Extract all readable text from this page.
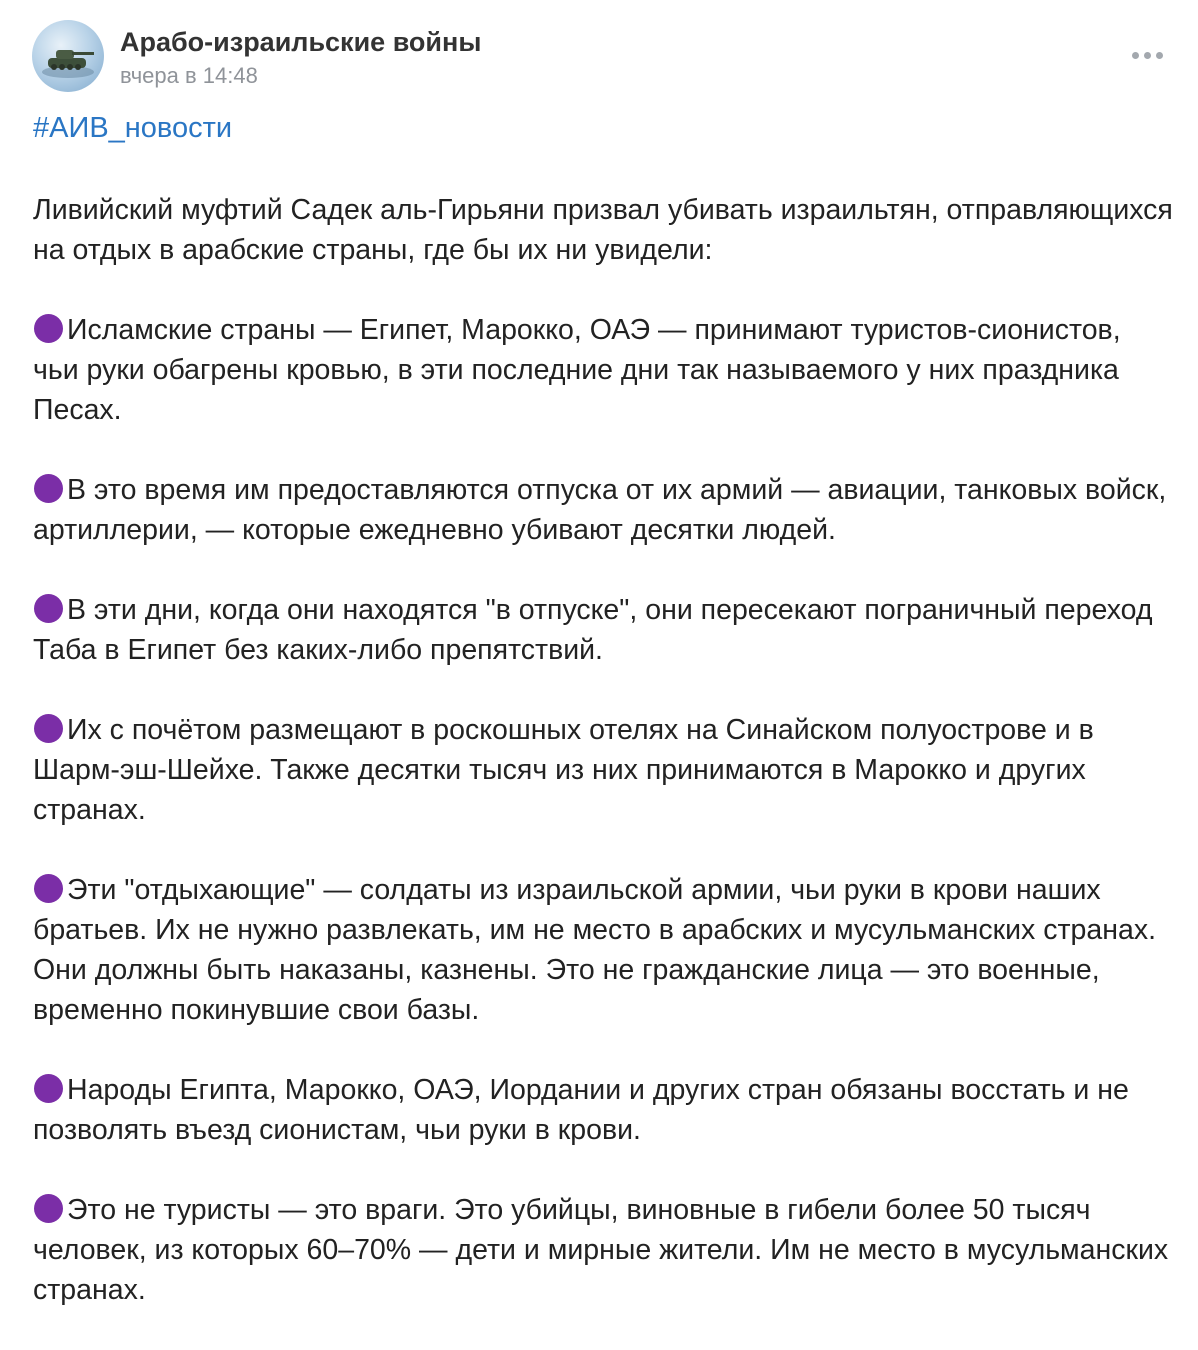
Арабо-израильские войны
вчера в 14:48
#АИВ_новости

Ливийский муфтий Садек аль-Гирьяни призвал убивать израильтян, отправляющихся на отдых в арабские страны, где бы их ни увидели:

Исламские страны — Египет, Марокко, ОАЭ — принимают туристов-сионистов, чьи руки обагрены кровью, в эти последние дни так называемого у них праздника Песах.

В это время им предоставляются отпуска от их армий — авиации, танковых войск, артиллерии, — которые ежедневно убивают десятки людей.

В эти дни, когда они находятся "в отпуске", они пересекают пограничный переход Таба в Египет без каких-либо препятствий.

Их с почётом размещают в роскошных отелях на Синайском полуострове и в Шарм-эш-Шейхе. Также десятки тысяч из них принимаются в Марокко и других странах.

Эти "отдыхающие" — солдаты из израильской армии, чьи руки в крови наших братьев. Их не нужно развлекать, им не место в арабских и мусульманских странах. Они должны быть наказаны, казнены. Это не гражданские лица — это военные, временно покинувшие свои базы.

Народы Египта, Марокко, ОАЭ, Иордании и других стран обязаны восстать и не позволять въезд сионистам, чьи руки в крови.

Это не туристы — это враги. Это убийцы, виновные в гибели более 50 тысяч человек, из которых 60–70% — дети и мирные жители. Им не место в мусульманских странах.
